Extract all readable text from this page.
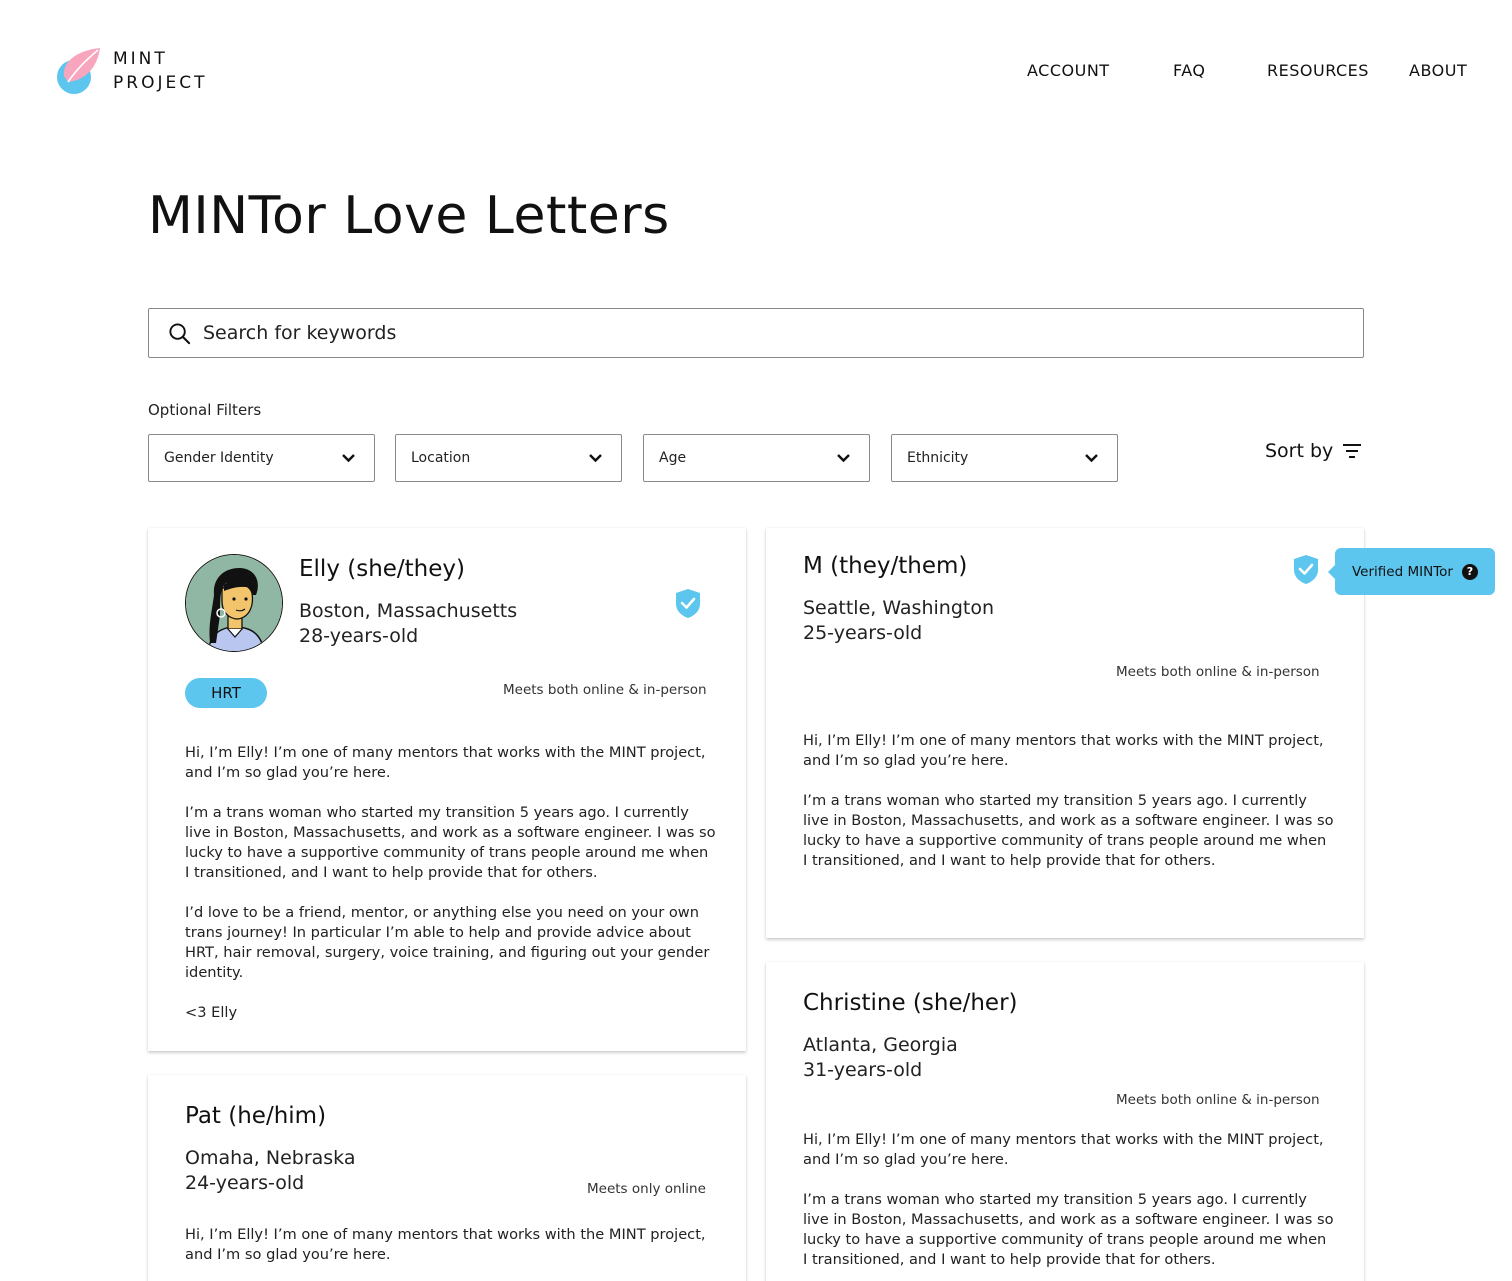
MINT
PROJECT
ACCOUNT	FAQ	RESOURCES	ABOUT
MINTor Love Letters
Search for keywords
Optional Filters
Gender Identity	Location	Age	Ethnicity	Sort by
Elly (she/they)
Boston, Massachusetts
28-years-old
HRT	Meets both online & in-person

Hi, I’m Elly! I’m one of many mentors that works with the MINT project, and I’m so glad you’re here.

I’m a trans woman who started my transition 5 years ago. I currently live in Boston, Massachusetts, and work as a software engineer. I was so lucky to have a supportive community of trans people around me when I transitioned, and I want to help provide that for others.

I’d love to be a friend, mentor, or anything else you need on your own trans journey! In particular I’m able to help and provide advice about HRT, hair removal, surgery, voice training, and figuring out your gender identity.

<3 Elly

M (they/them)
Seattle, Washington
25-years-old
Meets both online & in-person

Hi, I’m Elly! I’m one of many mentors that works with the MINT project, and I’m so glad you’re here.

I’m a trans woman who started my transition 5 years ago. I currently live in Boston, Massachusetts, and work as a software engineer. I was so lucky to have a supportive community of trans people around me when I transitioned, and I want to help provide that for others.

Verified MINTor	?
Pat (he/him)
Omaha, Nebraska
24-years-old	Meets only online

Hi, I’m Elly! I’m one of many mentors that works with the MINT project, and I’m so glad you’re here.

Christine (she/her)
Atlanta, Georgia
31-years-old
Meets both online & in-person

Hi, I’m Elly! I’m one of many mentors that works with the MINT project, and I’m so glad you’re here.

I’m a trans woman who started my transition 5 years ago. I currently live in Boston, Massachusetts, and work as a software engineer. I was so lucky to have a supportive community of trans people around me when I transitioned, and I want to help provide that for others.
